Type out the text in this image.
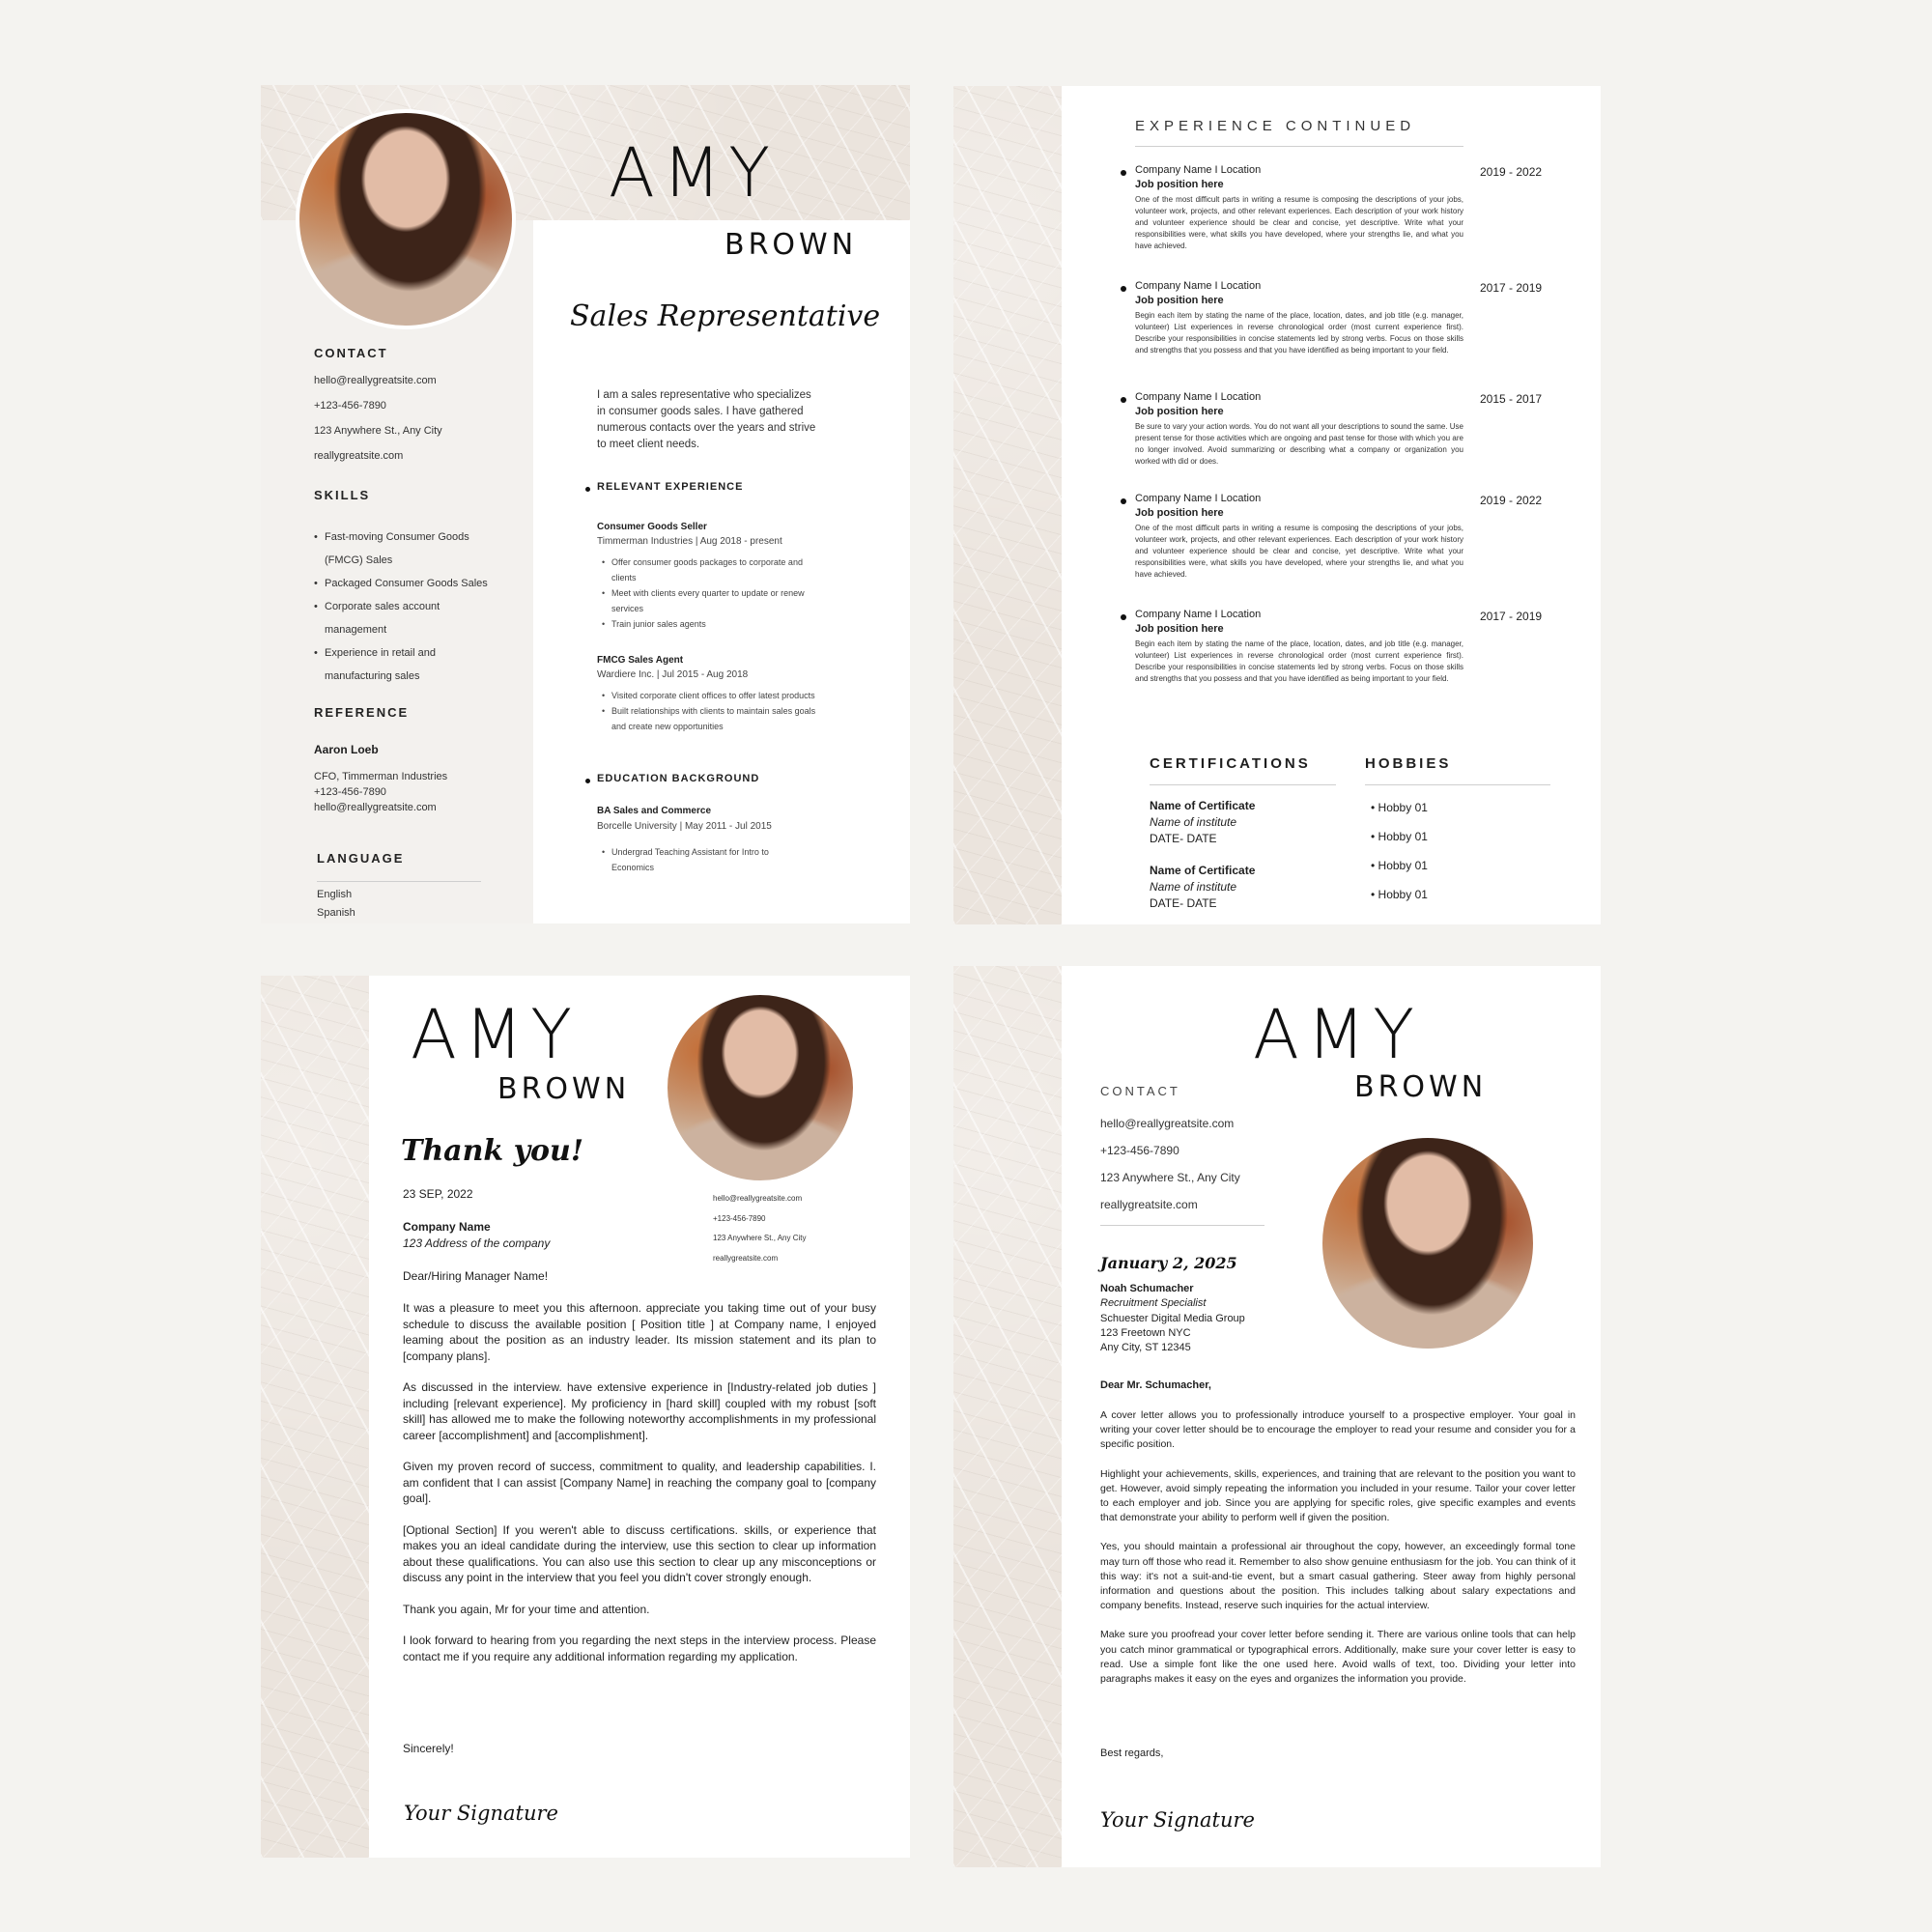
AMY
BROWN
Sales Representative
CONTACT
hello@reallygreatsite.com
+123-456-7890
123 Anywhere St., Any City
reallygreatsite.com
SKILLS
• Fast-moving Consumer Goods
(FMCG) Sales
• Packaged Consumer Goods Sales
• Corporate sales account
management
• Experience in retail and
manufacturing sales
REFERENCE
Aaron Loeb
CFO, Timmerman Industries
+123-456-7890
hello@reallygreatsite.com
LANGUAGE
English
Spanish
I am a sales representative who specializes
in consumer goods sales. I have gathered
numerous contacts over the years and strive
to meet client needs.
RELEVANT EXPERIENCE
Consumer Goods Seller
Timmerman Industries | Aug 2018 - present
• Offer consumer goods packages to corporate and
clients
• Meet with clients every quarter to update or renew
services
• Train junior sales agents
FMCG Sales Agent
Wardiere Inc. | Jul 2015 - Aug 2018
• Visited corporate client offices to offer latest products
• Built relationships with clients to maintain sales goals
and create new opportunities
EDUCATION BACKGROUND
BA Sales and Commerce
Borcelle University | May 2011 - Jul 2015
• Undergrad Teaching Assistant for Intro to
Economics
EXPERIENCE CONTINUED
Company Name I Location
Job position here
One of the most difficult parts in writing a resume is composing the descriptions of your jobs, volunteer work, projects, and other relevant experiences. Each description of your work history and volunteer experience should be clear and concise, yet descriptive. Write what your responsibilities were, what skills you have developed, where your strengths lie, and what you have achieved.
2019 - 2022
Company Name I Location
Job position here
Begin each item by stating the name of the place, location, dates, and job title (e.g. manager, volunteer) List experiences in reverse chronological order (most current experience first). Describe your responsibilities in concise statements led by strong verbs. Focus on those skills and strengths that you possess and that you have identified as being important to your field.
2017 - 2019
Company Name I Location
Job position here
Be sure to vary your action words. You do not want all your descriptions to sound the same. Use present tense for those activities which are ongoing and past tense for those with which you are no longer involved. Avoid summarizing or describing what a company or organization you worked with did or does.
2015 - 2017
Company Name I Location
Job position here
One of the most difficult parts in writing a resume is composing the descriptions of your jobs, volunteer work, projects, and other relevant experiences. Each description of your work history and volunteer experience should be clear and concise, yet descriptive. Write what your responsibilities were, what skills you have developed, where your strengths lie, and what you have achieved.
2019 - 2022
Company Name I Location
Job position here
Begin each item by stating the name of the place, location, dates, and job title (e.g. manager, volunteer) List experiences in reverse chronological order (most current experience first). Describe your responsibilities in concise statements led by strong verbs. Focus on those skills and strengths that you possess and that you have identified as being important to your field.
2017 - 2019
CERTIFICATIONS
Name of Certificate
Name of institute
DATE- DATE
Name of Certificate
Name of institute
DATE- DATE
HOBBIES
• Hobby 01
• Hobby 01
• Hobby 01
• Hobby 01
AMY
BROWN
Thank you!
23 SEP, 2022
Company Name
123 Address of the company
hello@reallygreatsite.com
+123-456-7890
123 Anywhere St., Any City
reallygreatsite.com
Dear/Hiring Manager Name!

It was a pleasure to meet you this afternoon. appreciate you taking time out of your busy schedule to discuss the available position [ Position title ] at Company name, I enjoyed leaming about the position as an industry leader. Its mission statement and its plan to [company plans].

As discussed in the interview. have extensive experience in [Industry-related job duties ] including [relevant experience]. My proficiency in [hard skill] coupled with my robust [soft skill] has allowed me to make the following noteworthy accomplishments in my professional career [accomplishment] and [accomplishment].

Given my proven record of success, commitment to quality, and leadership capabilities. I. am confident that I can assist [Company Name] in reaching the company goal to [company goal].

[Optional Section] If you weren't able to discuss certifications. skills, or experience that makes you an ideal candidate during the interview, use this section to clear up information about these qualifications. You can also use this section to clear up any misconceptions or discuss any point in the interview that you feel you didn't cover strongly enough.

Thank you again, Mr for your time and attention.

I look forward to hearing from you regarding the next steps in the interview process. Please contact me if you require any additional information regarding my application.

Sincerely!
Your Signature
AMY
BROWN
CONTACT
hello@reallygreatsite.com
+123-456-7890
123 Anywhere St., Any City
reallygreatsite.com
January 2, 2025
Noah Schumacher
Recruitment Specialist
Schuester Digital Media Group
123 Freetown NYC
Any City, ST 12345
Dear Mr. Schumacher,

A cover letter allows you to professionally introduce yourself to a prospective employer. Your goal in writing your cover letter should be to encourage the employer to read your resume and consider you for a specific position.

Highlight your achievements, skills, experiences, and training that are relevant to the position you want to get. However, avoid simply repeating the information you included in your resume. Tailor your cover letter to each employer and job. Since you are applying for specific roles, give specific examples and events that demonstrate your ability to perform well if given the position.

Yes, you should maintain a professional air throughout the copy, however, an exceedingly formal tone may turn off those who read it. Remember to also show genuine enthusiasm for the job. You can think of it this way: it's not a suit-and-tie event, but a smart casual gathering. Steer away from highly personal information and questions about the position. This includes talking about salary expectations and company benefits. Instead, reserve such inquiries for the actual interview.

Make sure you proofread your cover letter before sending it. There are various online tools that can help you catch minor grammatical or typographical errors. Additionally, make sure your cover letter is easy to read. Use a simple font like the one used here. Avoid walls of text, too. Dividing your letter into paragraphs makes it easy on the eyes and organizes the information you provide.

Best regards,
Your Signature
